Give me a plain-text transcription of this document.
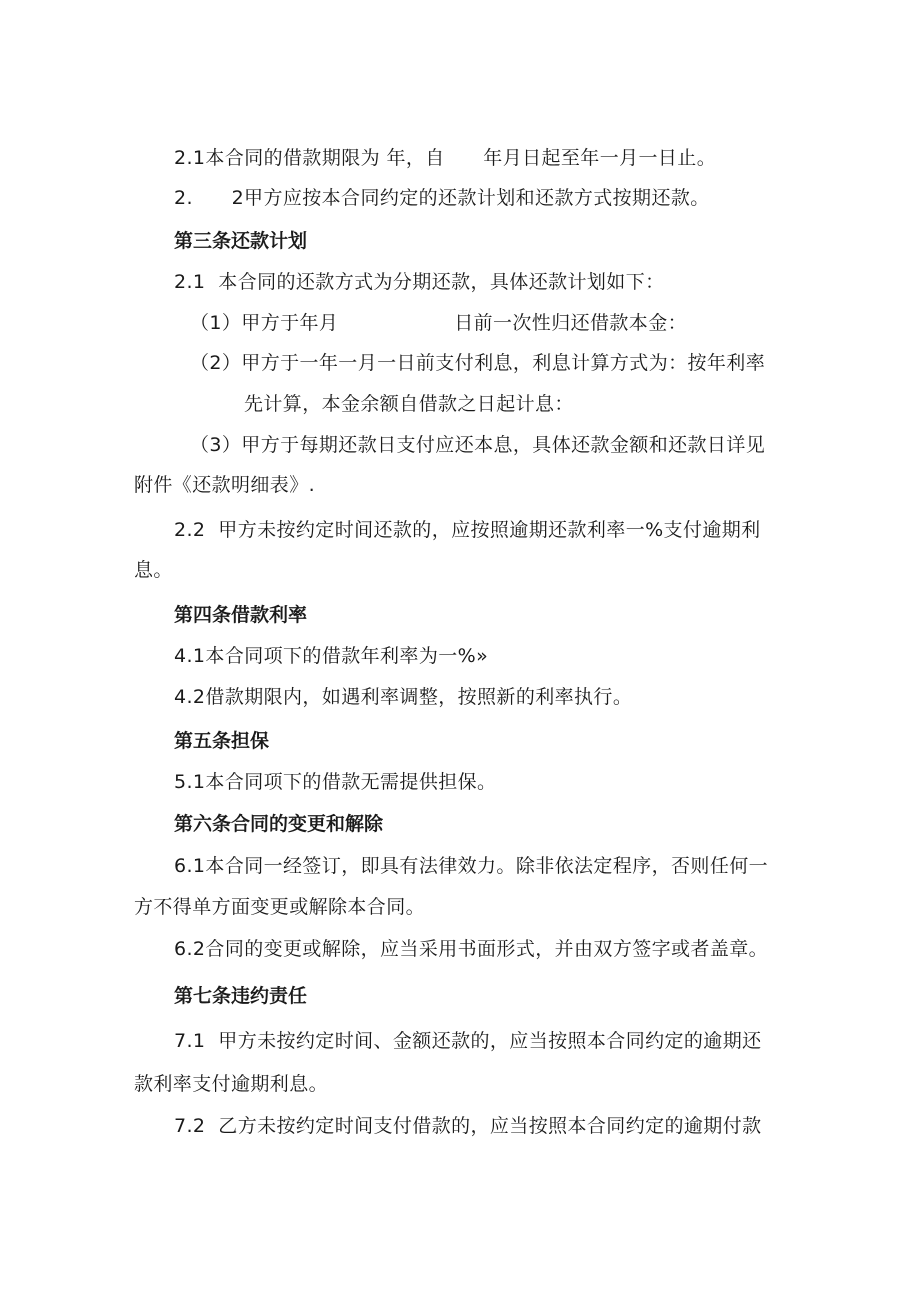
2.1本合同的借款期限为 年，自      年月日起至年一月一日止。
2.      2甲方应按本合同约定的还款计划和还款方式按期还款。
第三条还款计划
2.1  本合同的还款方式为分期还款，具体还款计划如下：
（1）甲方于年月                  日前一次性归还借款本金：
（2）甲方于一年一月一日前支付利息，利息计算方式为：按年利率
先计算，本金余额自借款之日起计息：
（3）甲方于每期还款日支付应还本息，具体还款金额和还款日详见
附件《还款明细表》.
2.2  甲方未按约定时间还款的，应按照逾期还款利率一%支付逾期利
息。
第四条借款利率
4.1本合同项下的借款年利率为一%»
4.2借款期限内，如遇利率调整，按照新的利率执行。
第五条担保
5.1本合同项下的借款无需提供担保。
第六条合同的变更和解除
6.1本合同一经签订，即具有法律效力。除非依法定程序，否则任何一
方不得单方面变更或解除本合同。
6.2合同的变更或解除，应当采用书面形式，并由双方签字或者盖章。
第七条违约责任
7.1  甲方未按约定时间、金额还款的，应当按照本合同约定的逾期还
款利率支付逾期利息。
7.2  乙方未按约定时间支付借款的，应当按照本合同约定的逾期付款
